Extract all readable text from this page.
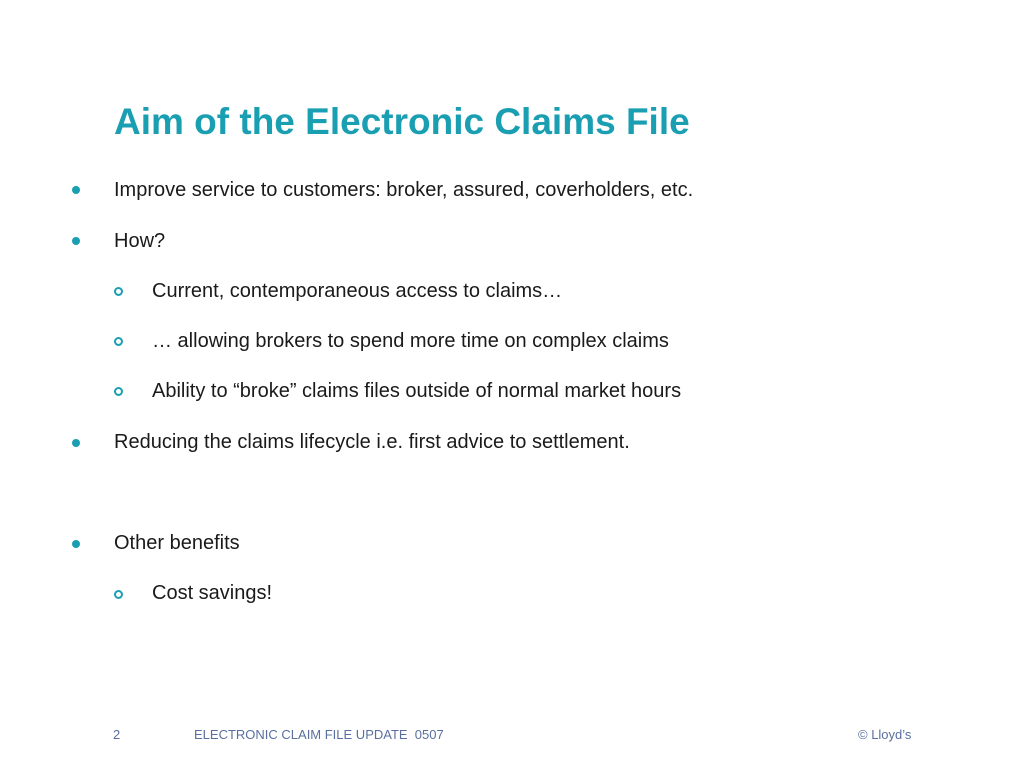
Aim of the Electronic Claims File
Improve service to customers: broker, assured, coverholders, etc.
How?
Current, contemporaneous access to claims…
… allowing brokers to spend more time on complex claims
Ability to “broke” claims files outside of normal market hours
Reducing the claims lifecycle i.e. first advice to settlement.
Other benefits
Cost savings!
2	ELECTRONIC CLAIM FILE UPDATE  0507	© Lloyd’s
